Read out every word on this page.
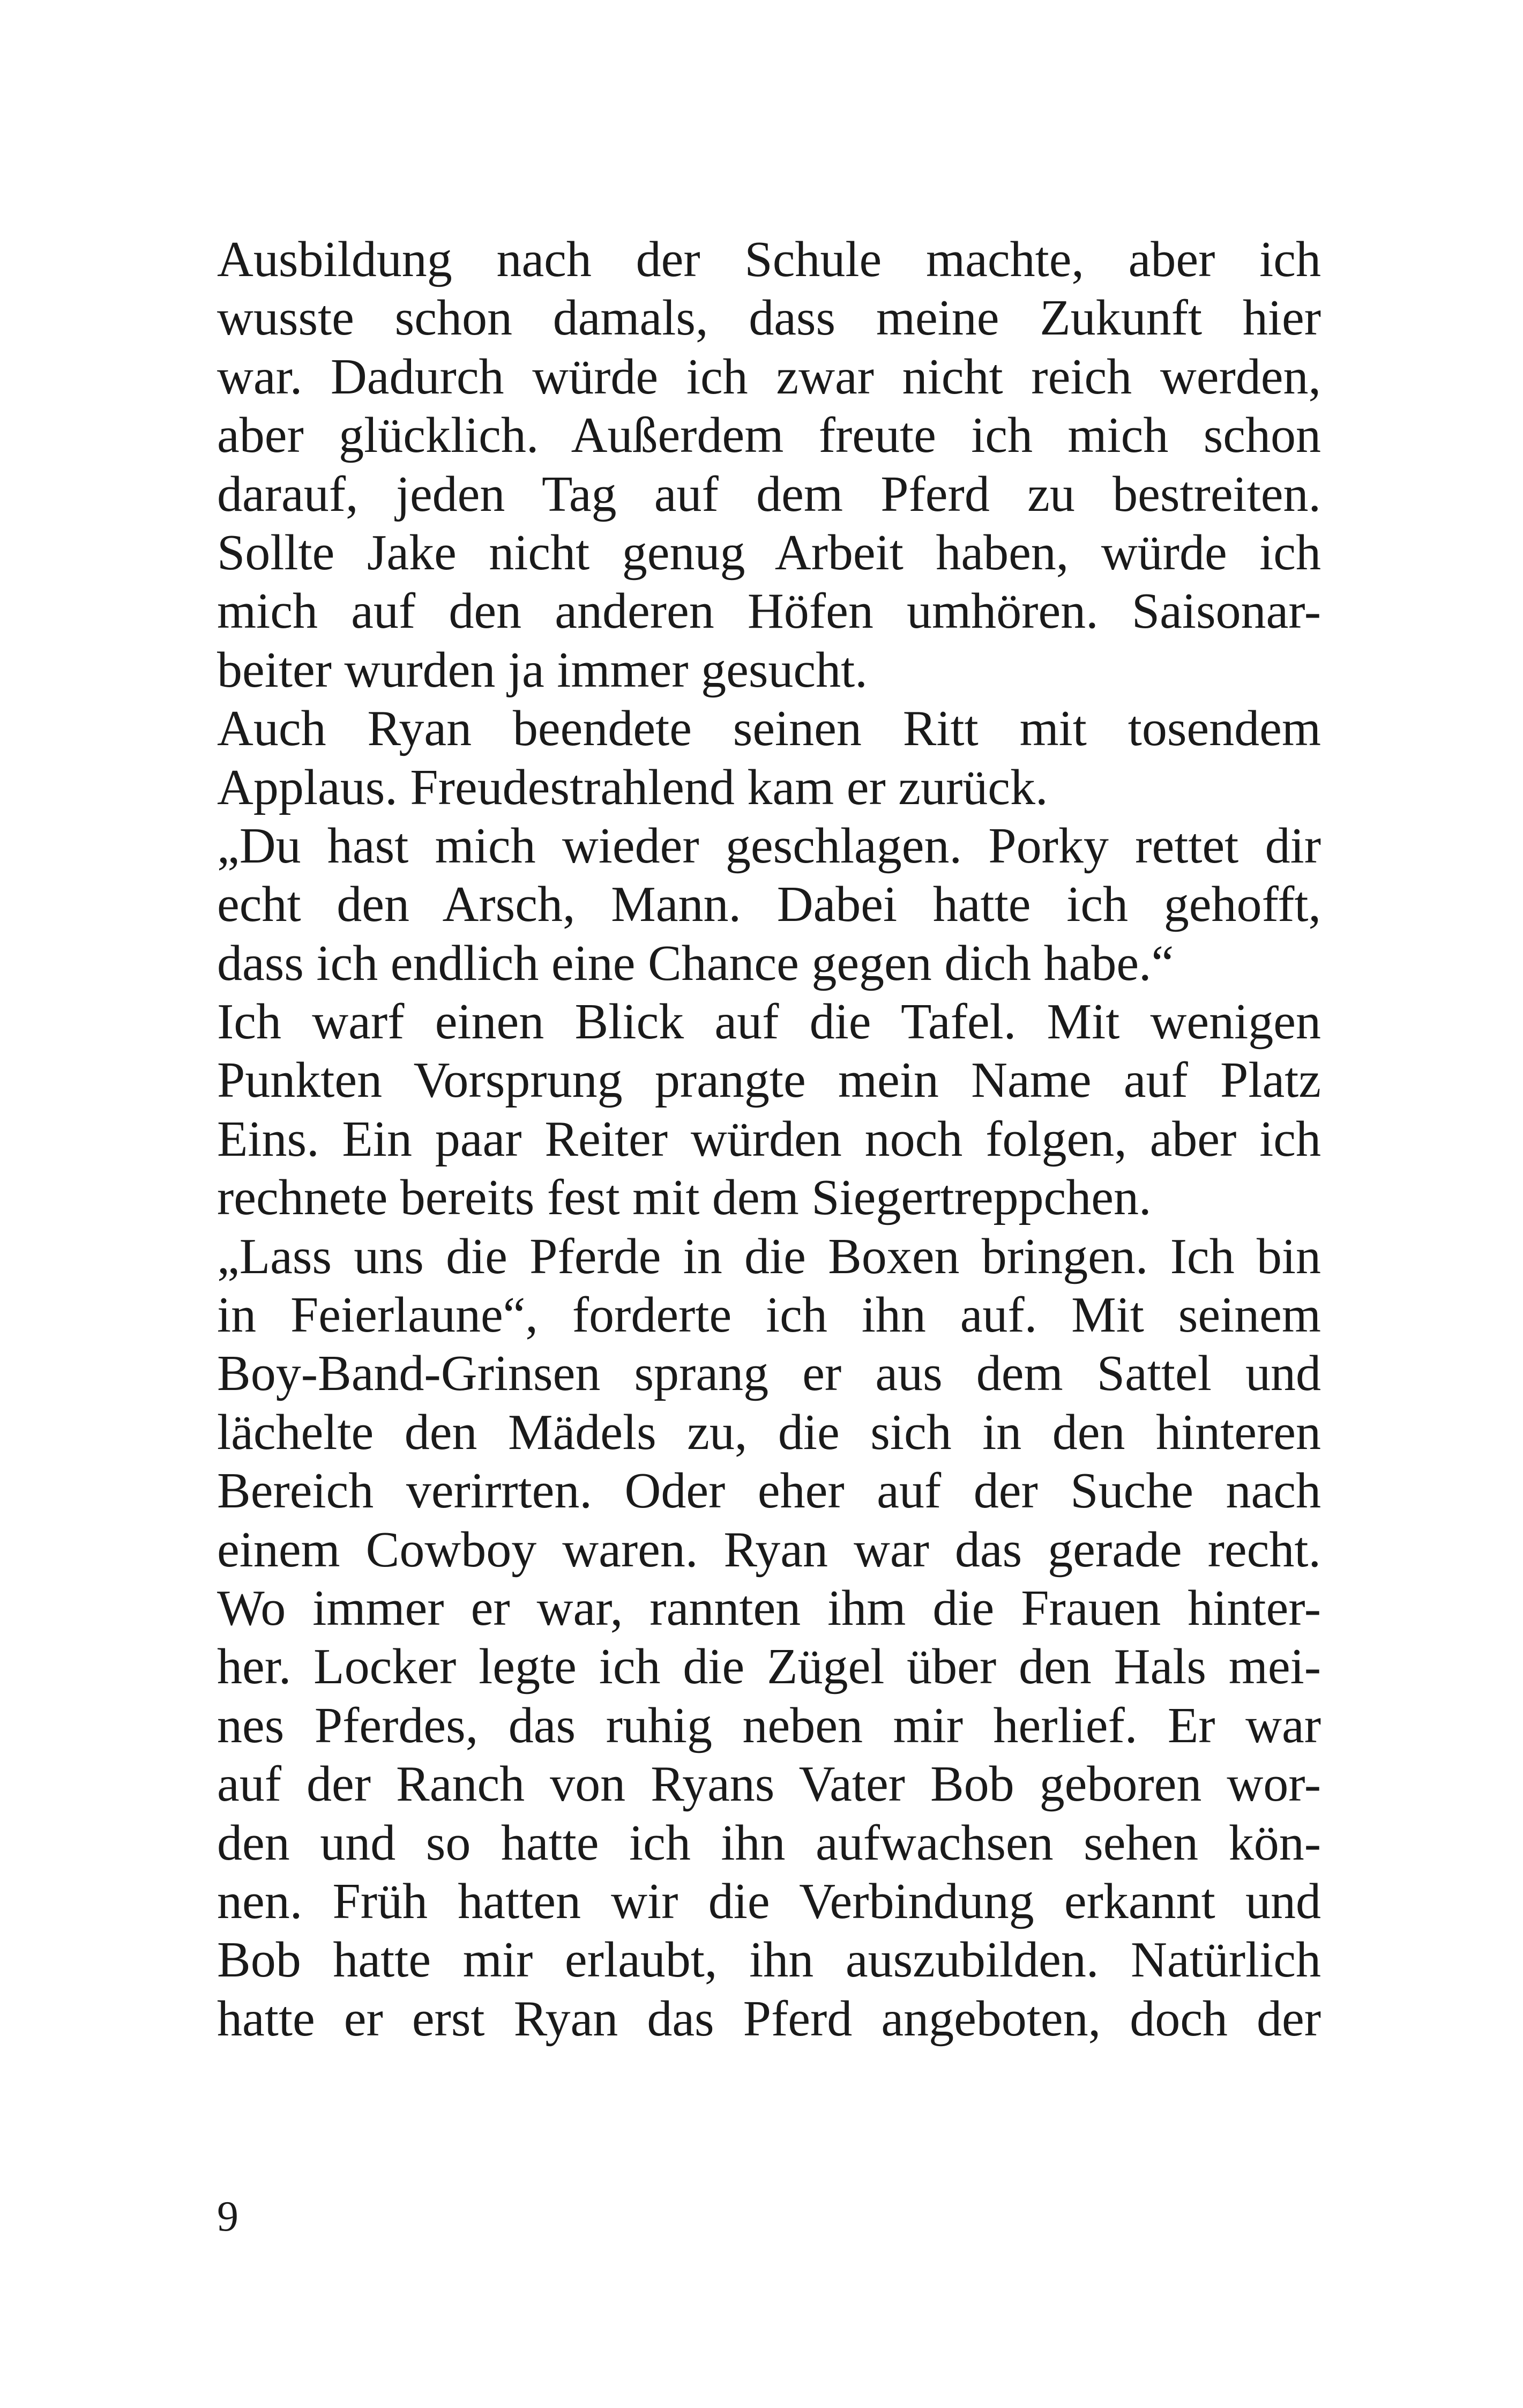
Ausbildung nach der Schule machte, aber ich
wusste schon damals, dass meine Zukunft hier
war. Dadurch würde ich zwar nicht reich werden,
aber glücklich. Außerdem freute ich mich schon
darauf, jeden Tag auf dem Pferd zu bestreiten.
Sollte Jake nicht genug Arbeit haben, würde ich
mich auf den anderen Höfen umhören. Saisonar-
beiter wurden ja immer gesucht.
Auch Ryan beendete seinen Ritt mit tosendem
Applaus. Freudestrahlend kam er zurück.
„Du hast mich wieder geschlagen. Porky rettet dir
echt den Arsch, Mann. Dabei hatte ich gehofft,
dass ich endlich eine Chance gegen dich habe.“
Ich warf einen Blick auf die Tafel. Mit wenigen
Punkten Vorsprung prangte mein Name auf Platz
Eins. Ein paar Reiter würden noch folgen, aber ich
rechnete bereits fest mit dem Siegertreppchen.
„Lass uns die Pferde in die Boxen bringen. Ich bin
in Feierlaune“, forderte ich ihn auf. Mit seinem
Boy-Band-Grinsen sprang er aus dem Sattel und
lächelte den Mädels zu, die sich in den hinteren
Bereich verirrten. Oder eher auf der Suche nach
einem Cowboy waren. Ryan war das gerade recht.
Wo immer er war, rannten ihm die Frauen hinter-
her. Locker legte ich die Zügel über den Hals mei-
nes Pferdes, das ruhig neben mir herlief. Er war
auf der Ranch von Ryans Vater Bob geboren wor-
den und so hatte ich ihn aufwachsen sehen kön-
nen. Früh hatten wir die Verbindung erkannt und
Bob hatte mir erlaubt, ihn auszubilden. Natürlich
hatte er erst Ryan das Pferd angeboten, doch der
9
